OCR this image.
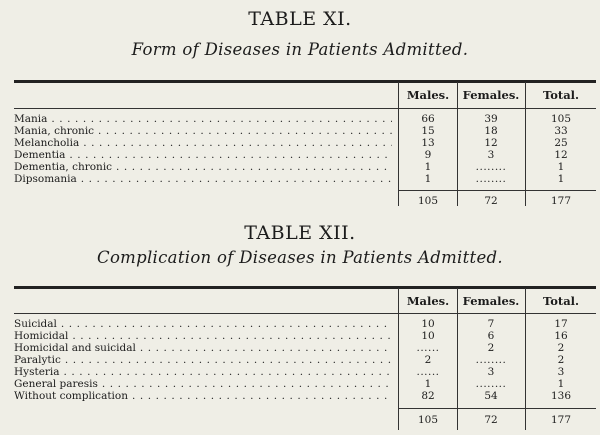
TABLE XI.
Form of Diseases in Patients Admitted.
Males.	Females.	Total.
Mania . . .	66	39	105
Mania, chronic . . .	15	18	33
Melancholia . . .	13	12	25
Dementia . . .	9	3	12
Dementia, chronic . . .	1	........	1
Dipsomania . . .	1	........	1
105	72	177
TABLE XII.
Complication of Diseases in Patients Admitted.
Males.	Females.	Total.
Suicidal . . .	10	7	17
Homicidal . . .	10	6	16
Homicidal and suicidal . . .	......	2	2
Paralytic . . .	2	........	2
Hysteria . . .	......	3	3
General paresis . . .	1	........	1
Without complication . . .	82	54	136
105	72	177
